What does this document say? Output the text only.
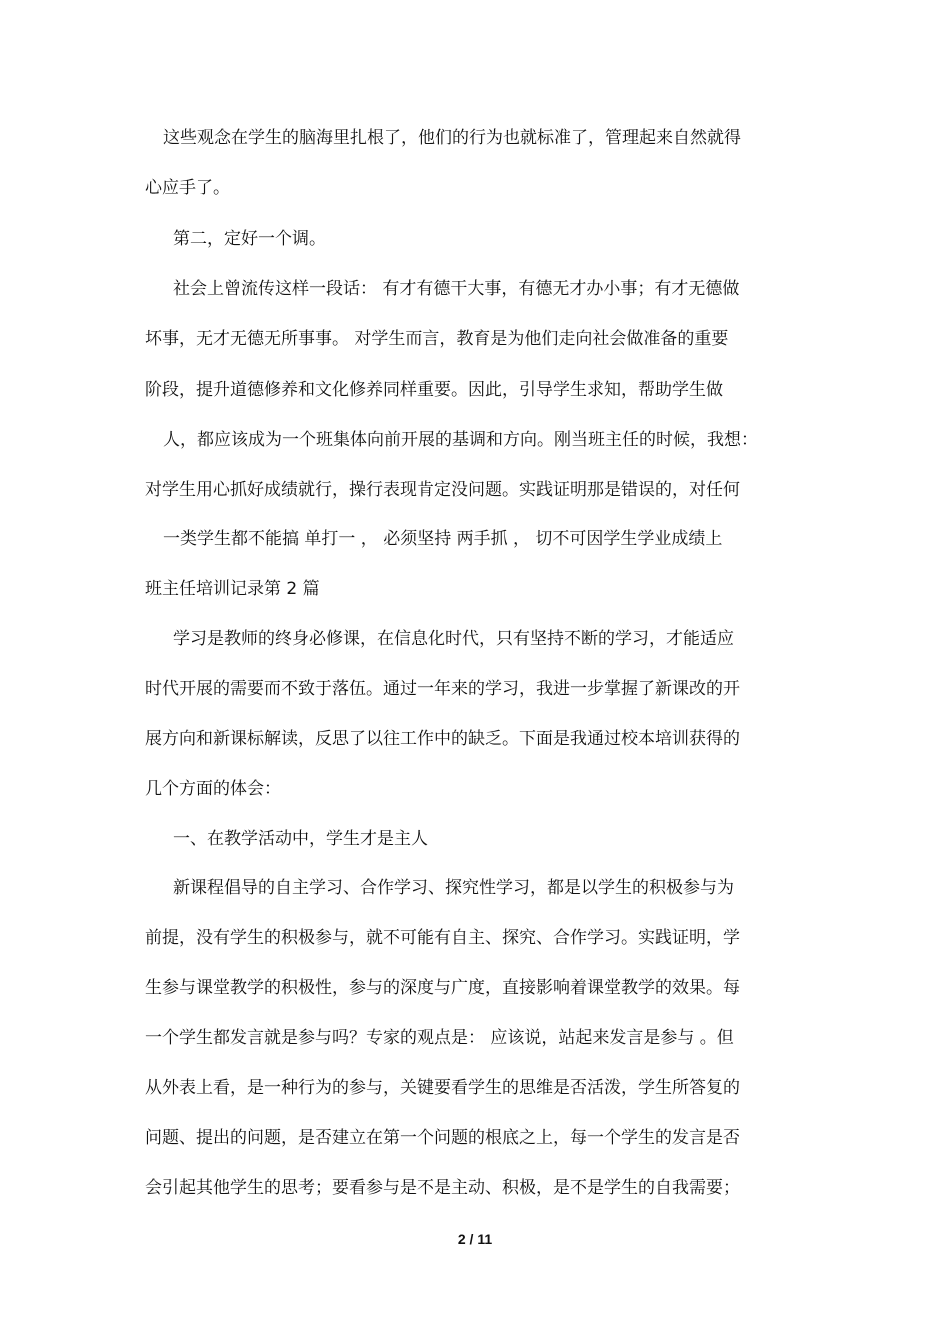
这些观念在学生的脑海里扎根了，他们的行为也就标准了，管理起来自然就得
心应手了。
第二，定好一个调。
社会上曾流传这样一段话： 有才有德干大事，有德无才办小事；有才无德做
坏事，无才无德无所事事。 对学生而言，教育是为他们走向社会做准备的重要
阶段，提升道德修养和文化修养同样重要。因此，引导学生求知，帮助学生做
人，都应该成为一个班集体向前开展的基调和方向。刚当班主任的时候，我想：
对学生用心抓好成绩就行，操行表现肯定没问题。实践证明那是错误的，对任何
一类学生都不能搞 单打一 ， 必须坚持 两手抓 ， 切不可因学生学业成绩上
班主任培训记录第 2 篇
学习是教师的终身必修课，在信息化时代，只有坚持不断的学习，才能适应
时代开展的需要而不致于落伍。通过一年来的学习，我进一步掌握了新课改的开
展方向和新课标解读，反思了以往工作中的缺乏。下面是我通过校本培训获得的
几个方面的体会：
一、在教学活动中，学生才是主人
新课程倡导的自主学习、合作学习、探究性学习，都是以学生的积极参与为
前提，没有学生的积极参与，就不可能有自主、探究、合作学习。实践证明，学
生参与课堂教学的积极性，参与的深度与广度，直接影响着课堂教学的效果。每
一个学生都发言就是参与吗？专家的观点是： 应该说，站起来发言是参与 。但
从外表上看，是一种行为的参与，关键要看学生的思维是否活泼，学生所答复的
问题、提出的问题，是否建立在第一个问题的根底之上，每一个学生的发言是否
会引起其他学生的思考；要看参与是不是主动、积极，是不是学生的自我需要；
2 / 11
